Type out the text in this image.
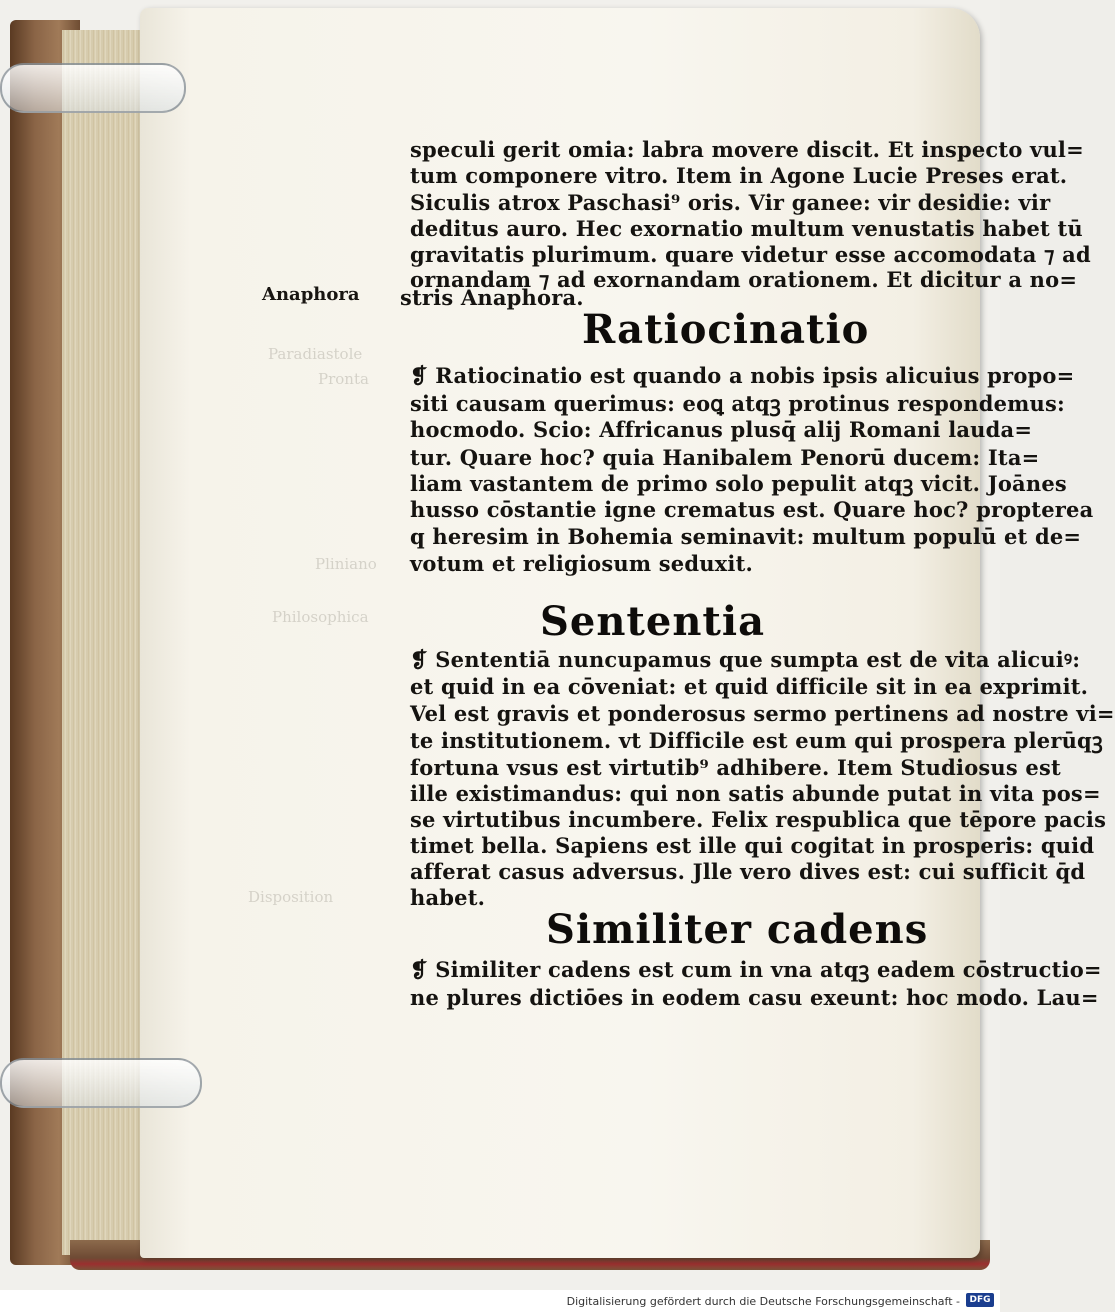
Paradiastole
Pronta
Pliniano
Philosophica
Disposition
Anaphora
speculi gerit omia: labra movere discit. Et inspecto vul=
tum componere vitro. Item in Agone Lucie Preses erat.
Siculis atrox Paschasi⁹ oris. Vir ganee: vir desidie: vir
deditus auro. Hec exornatio multum venustatis habet tū
gravitatis plurimum. quare videtur esse accomodata ⁊ ad
ornandam ⁊ ad exornandam orationem. Et dicitur a no=
stris Anaphora.
Ratiocinatio
❡ Ratiocinatio est quando a nobis ipsis alicuius propo=
siti causam querimus: eoꝗ atqꝫ protinus respondemus:
hocmodo. Scio: Affricanus plusq̄ alij Romani lauda=
tur. Quare hoc? quia Hanibalem Penorū ducem: Ita=
liam vastantem de primo solo pepulit atqꝫ vicit. Joānes
husso cōstantie igne crematus est. Quare hoc? propterea
q heresim in Bohemia seminavit: multum populū et de=
votum et religiosum seduxit.
Sententia
❡ Sententiā nuncupamus que sumpta est de vita alicuiꝰ:
et quid in ea cōveniat: et quid difficile sit in ea exprimit.
Vel est gravis et ponderosus sermo pertinens ad nostre vi=
te institutionem. vt Difficile est eum qui prospera plerūqꝫ
fortuna vsus est virtutib⁹ adhibere. Item Studiosus est
ille existimandus: qui non satis abunde putat in vita pos=
se virtutibus incumbere. Felix respublica que tēpore pacis
timet bella. Sapiens est ille qui cogitat in prosperis: quid
afferat casus adversus. Jlle vero dives est: cui sufficit q̄d
habet.
Similiter cadens
❡ Similiter cadens est cum in vna atqꝫ eadem cōstructio=
ne plures dictiōes in eodem casu exeunt: hoc modo. Lau=
Digitalisierung gefördert durch die Deutsche Forschungsgemeinschaft -	DFG
